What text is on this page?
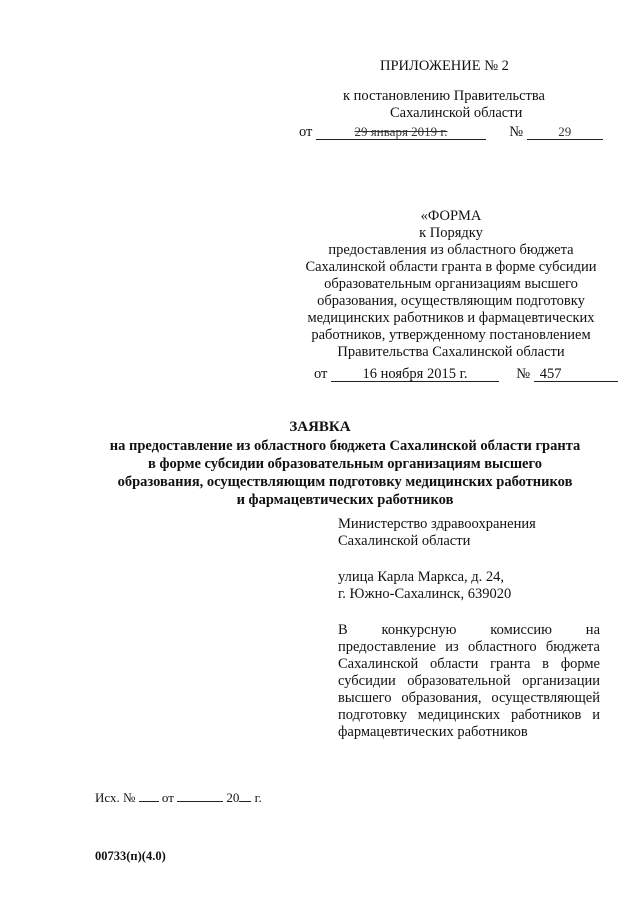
ПРИЛОЖЕНИЕ № 2
к постановлению Правительства
Сахалинской области
от	29 января 2019 г.	№	29
«ФОРМА
к Порядку
предоставления из областного бюджета
Сахалинской области гранта в форме субсидии
образовательным организациям высшего
образования, осуществляющим подготовку
медицинских работников и фармацевтических
работников, утвержденному постановлением
Правительства Сахалинской области
от 16 ноября 2015 г.	№ 457
ЗАЯВКА
на предоставление из областного бюджета Сахалинской области гранта
в форме субсидии образовательным организациям высшего
образования, осуществляющим подготовку медицинских работников
и фармацевтических работников
Министерство здравоохранения
Сахалинской области
улица Карла Маркса, д. 24,
г. Южно-Сахалинск, 639020
В конкурсную комиссию на предоставление из областного бюджета Сахалинской области гранта в форме субсидии образовательной организации высшего образования, осуществляющей подготовку медицинских работников и фармацевтических работников
Исх. № от	20 г.
00733(п)(4.0)
